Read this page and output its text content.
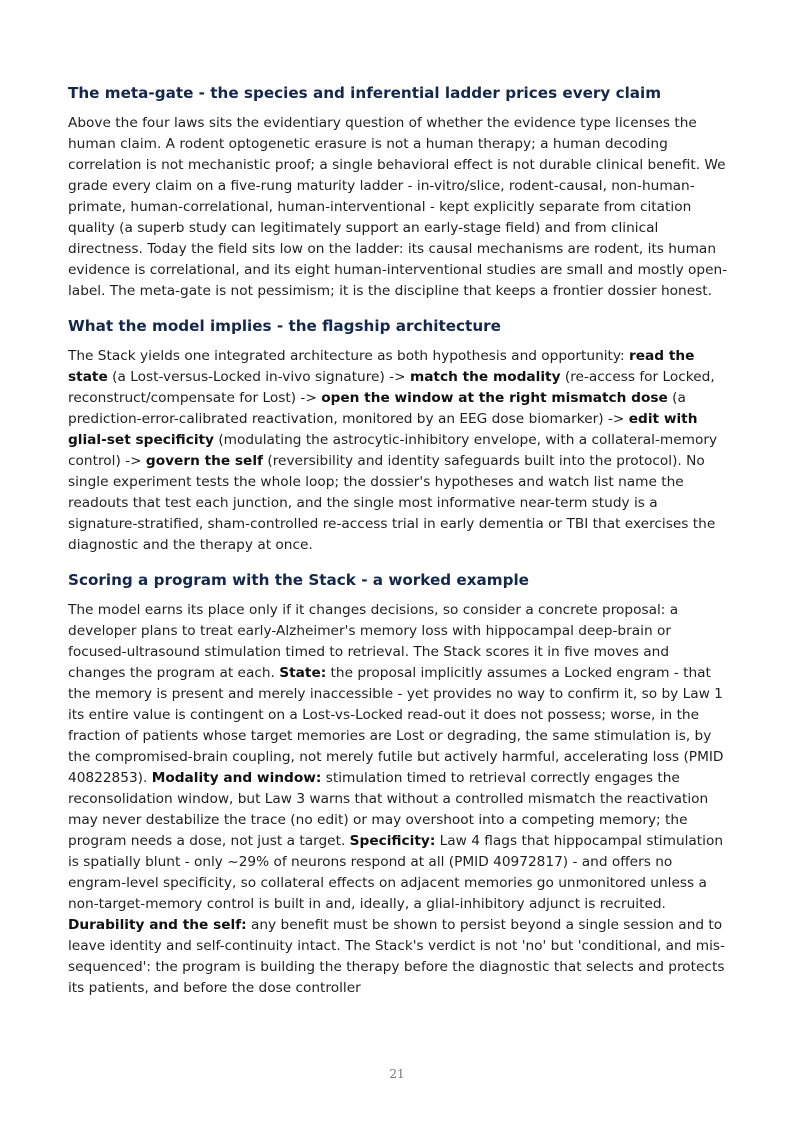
The meta-gate - the species and inferential ladder prices every claim

Above the four laws sits the evidentiary question of whether the evidence type licenses the human claim. A rodent optogenetic erasure is not a human therapy; a human decoding correlation is not mechanistic proof; a single behavioral effect is not durable clinical benefit. We grade every claim on a five-rung maturity ladder - in-vitro/slice, rodent-causal, non-human-primate, human-correlational, human-interventional - kept explicitly separate from citation quality (a superb study can legitimately support an early-stage field) and from clinical directness. Today the field sits low on the ladder: its causal mechanisms are rodent, its human evidence is correlational, and its eight human-interventional studies are small and mostly open-label. The meta-gate is not pessimism; it is the discipline that keeps a frontier dossier honest.

What the model implies - the flagship architecture

The Stack yields one integrated architecture as both hypothesis and opportunity: read the state (a Lost-versus-Locked in-vivo signature) -> match the modality (re-access for Locked, reconstruct/compensate for Lost) -> open the window at the right mismatch dose (a prediction-error-calibrated reactivation, monitored by an EEG dose biomarker) -> edit with glial-set specificity (modulating the astrocytic-inhibitory envelope, with a collateral-memory control) -> govern the self (reversibility and identity safeguards built into the protocol). No single experiment tests the whole loop; the dossier's hypotheses and watch list name the readouts that test each junction, and the single most informative near-term study is a signature-stratified, sham-controlled re-access trial in early dementia or TBI that exercises the diagnostic and the therapy at once.

Scoring a program with the Stack - a worked example

The model earns its place only if it changes decisions, so consider a concrete proposal: a developer plans to treat early-Alzheimer's memory loss with hippocampal deep-brain or focused-ultrasound stimulation timed to retrieval. The Stack scores it in five moves and changes the program at each. State: the proposal implicitly assumes a Locked engram - that the memory is present and merely inaccessible - yet provides no way to confirm it, so by Law 1 its entire value is contingent on a Lost-vs-Locked read-out it does not possess; worse, in the fraction of patients whose target memories are Lost or degrading, the same stimulation is, by the compromised-brain coupling, not merely futile but actively harmful, accelerating loss (PMID 40822853). Modality and window: stimulation timed to retrieval correctly engages the reconsolidation window, but Law 3 warns that without a controlled mismatch the reactivation may never destabilize the trace (no edit) or may overshoot into a competing memory; the program needs a dose, not just a target. Specificity: Law 4 flags that hippocampal stimulation is spatially blunt - only ~29% of neurons respond at all (PMID 40972817) - and offers no engram-level specificity, so collateral effects on adjacent memories go unmonitored unless a non-target-memory control is built in and, ideally, a glial-inhibitory adjunct is recruited. Durability and the self: any benefit must be shown to persist beyond a single session and to leave identity and self-continuity intact. The Stack's verdict is not 'no' but 'conditional, and mis-sequenced': the program is building the therapy before the diagnostic that selects and protects its patients, and before the dose controller

21
